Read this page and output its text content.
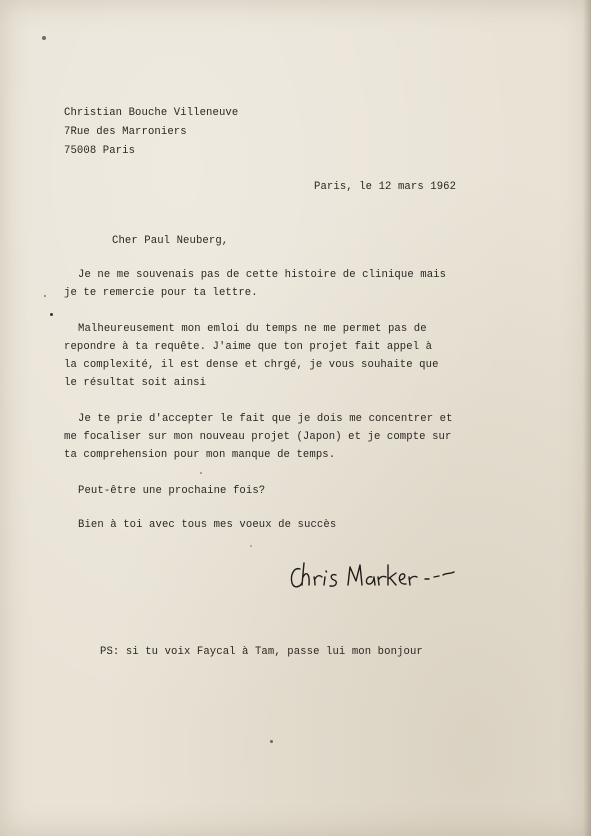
Christian Bouche Villeneuve
7Rue des Marroniers
75008 Paris
Paris, le 12 mars 1962
Cher Paul Neuberg,
Je ne me souvenais pas de cette histoire de clinique mais
je te remercie pour ta lettre.
Malheureusement mon emloi du temps ne me permet pas de
repondre à ta requête. J'aime que ton projet fait appel à
la complexité, il est dense et chrgé, je vous souhaite que
le résultat soit ainsi
Je te prie d'accepter le fait que je dois me concentrer et
me focaliser sur mon nouveau projet (Japon) et je compte sur
ta comprehension pour mon manque de temps.
Peut-être une prochaine fois?
Bien à toi avec tous mes voeux de succès
PS: si tu voix Faycal à Tam, passe lui mon bonjour
